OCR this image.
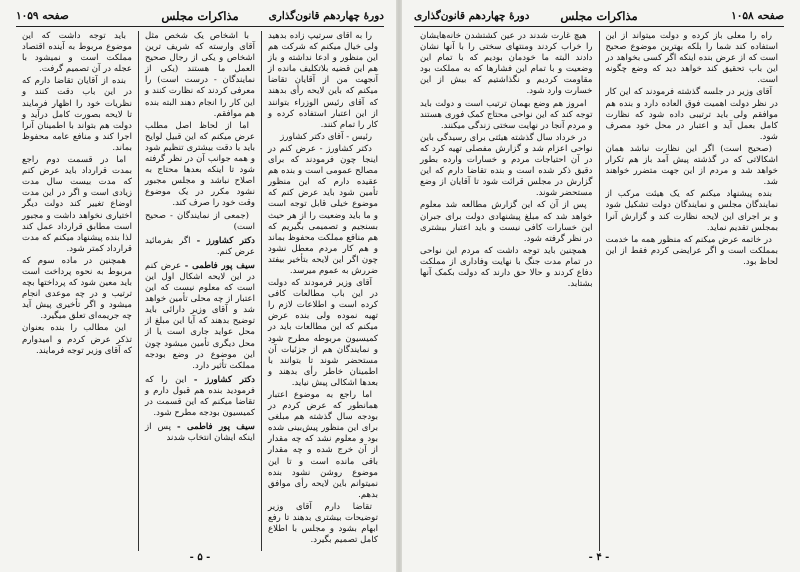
دورهٔ چهاردهم قانون‌گذاری
مذاکرات مجلس
صفحه ۱۰۵۹

را به آقای سرتیپ زاده بدهید ولی خیال میکنم که شرکت هم این منظور و ادعا نداشته و باز هم این قضیه بلاتکلیف مانده از آنجهت من از آقایان تقاضا میکنم که باین لایحه رأی بدهند که آقای رئیس الوزراء بتوانند از این اعتبار استفاده کرده و کار را تمام کنند.

رئیس - آقای دکتر کشاورز

دکتر کشاورز - عرض کنم در اینجا چون فرمودند که برای مصالح عمومی است و بنده هم عقیده دارم که این منظور تأمین شود باید عرض کنم که موضوع خیلی قابل توجه است و ما باید وضعیت را از هر حیث بسنجیم و تصمیمی بگیریم که هم منافع مملکت محفوظ بماند و هم کار مردم معطل نشود چون اگر این لایحه بتأخیر بیفتد ضررش به عموم میرسد.

آقای وزیر فرمودند که دولت در این باب مطالعات کافی کرده است و اطلاعات لازم را تهیه نموده ولی بنده عرض میکنم که این مطالعات باید در کمیسیون مربوطه مطرح شود و نمایندگان هم از جزئیات آن مستحضر شوند تا بتوانند با اطمینان خاطر رأی بدهند و بعدها اشکالی پیش نیاید.

اما راجع به موضوع اعتبار همانطور که عرض کردم در بودجه سال گذشته هم مبلغی برای این منظور پیش‌بینی شده بود و معلوم نشد که چه مقدار از آن خرج شده و چه مقدار باقی مانده است و تا این موضوع روشن نشود بنده نمیتوانم باین لایحه رأی موافق بدهم.

تقاضا دارم آقای وزیر توضیحات بیشتری بدهند تا رفع ابهام بشود و مجلس با اطلاع کامل تصمیم بگیرد.

با اشخاص یک شخص مثل آقای وارسته که شریف ترین اشخاص و یکی از رجال صحیح العمل ما هستند (یکی از نمایندگان - درست است) را معرفی کردند که نظارت کنند و این کار را انجام دهند البته بنده هم موافقم.

اما از لحاظ اصل مطلب عرض میکنم که این قبیل لوایح باید با دقت بیشتری تنظیم شود و همه جوانب آن در نظر گرفته شود تا اینکه بعدها محتاج به اصلاح نباشد و مجلس مجبور نشود مکرر در یک موضوع وقت خود را صرف کند.

(جمعی از نمایندگان - صحیح است)

دکتر کشاورز - اگر بفرمائید عرض کنم.

سیف پور فاطمی - عرض کنم در این لایحه اشکال اول این است که معلوم نیست که این اعتبار از چه محلی تأمین خواهد شد و آقای وزیر دارائی باید توضیح بدهند که آیا این مبلغ از محل عواید جاری است یا از محل دیگری تأمین میشود چون این موضوع در وضع بودجه مملکت تأثیر دارد.

دکتر کشاورز - این را که فرمودید بنده هم قبول دارم و تقاضا میکنم که این قسمت در کمیسیون بودجه مطرح شود.

سیف پور فاطمی - پس از اینکه ایشان انتخاب شدند

باید توجه داشت که این موضوع مربوط به آینده اقتصاد مملکت است و نمیشود با عجله در آن تصمیم گرفت.

بنده از آقایان تقاضا دارم که در این باب دقت کنند و نظریات خود را اظهار فرمایند تا لایحه بصورت کامل درآید و دولت هم بتواند با اطمینان آنرا اجرا کند و منافع عامه محفوظ بماند.

اما در قسمت دوم راجع بمدت قرارداد باید عرض کنم که مدت بیست سال مدت زیادی است و اگر در این مدت اوضاع تغییر کند دولت دیگر اختیاری نخواهد داشت و مجبور است مطابق قرارداد عمل کند لذا بنده پیشنهاد میکنم که مدت قرارداد کمتر شود.

همچنین در ماده سوم که مربوط به نحوه پرداخت است باید معین شود که پرداختها بچه ترتیب و در چه موعدی انجام میشود و اگر تأخیری پیش آید چه جریمه‌ای تعلق میگیرد.

این مطالب را بنده بعنوان تذکر عرض کردم و امیدوارم که آقای وزیر توجه فرمایند.

- ۵ -
صفحه ۱۰۵۸
مذاکرات مجلس
دورهٔ چهاردهم قانون‌گذاری

راه را معلی باز کرده و دولت میتواند از این استفاده کند شما را بلکه بهترین موضوع صحیح است که از عرض بنده اینکه اگر کسی بخواهد در این باب تحقیق کند خواهد دید که وضع چگونه است.

آقای وزیر در جلسه گذشته فرمودند که این کار در نظر دولت اهمیت فوق العاده دارد و بنده هم موافقم ولی باید ترتیبی داده شود که نظارت کامل بعمل آید و اعتبار در محل خود مصرف شود.

(صحیح است) اگر این نظارت نباشد همان اشکالاتی که در گذشته پیش آمد باز هم تکرار خواهد شد و مردم از این جهت متضرر خواهند شد.

بنده پیشنهاد میکنم که یک هیئت مرکب از نمایندگان مجلس و نمایندگان دولت تشکیل شود و بر اجرای این لایحه نظارت کند و گزارش آنرا بمجلس تقدیم نماید.

در خاتمه عرض میکنم که منظور همه ما خدمت بمملکت است و اگر عرایضی کردم فقط از این لحاظ بود.

هیچ غارت شدند در عین کشتشدن خانه‌هایشان را خراب کردند ومنتهای سختی را با آنها نشان دادند البته ما خودمان بودیم که با تمام این وضعیت و با تمام این فشارها که به مملکت بود مقاومت کردیم و نگذاشتیم که بیش از این خسارت وارد شود.

امروز هم وضع بهمان ترتیب است و دولت باید توجه کند که این نواحی محتاج کمک فوری هستند و مردم آنجا در نهایت سختی زندگی میکنند.

در خرداد سال گذشته هیئتی برای رسیدگی باین نواحی اعزام شد و گزارش مفصلی تهیه کرد که در آن احتیاجات مردم و خسارات وارده بطور دقیق ذکر شده است و بنده تقاضا دارم که این گزارش در مجلس قرائت شود تا آقایان از وضع مستحضر شوند.

پس از آن که این گزارش مطالعه شد معلوم خواهد شد که مبلغ پیشنهادی دولت برای جبران این خسارات کافی نیست و باید اعتبار بیشتری در نظر گرفته شود.

همچنین باید توجه داشت که مردم این نواحی در تمام مدت جنگ با نهایت وفاداری از مملکت دفاع کردند و حالا حق دارند که دولت بکمک آنها بشتابد.

- ۴ -
